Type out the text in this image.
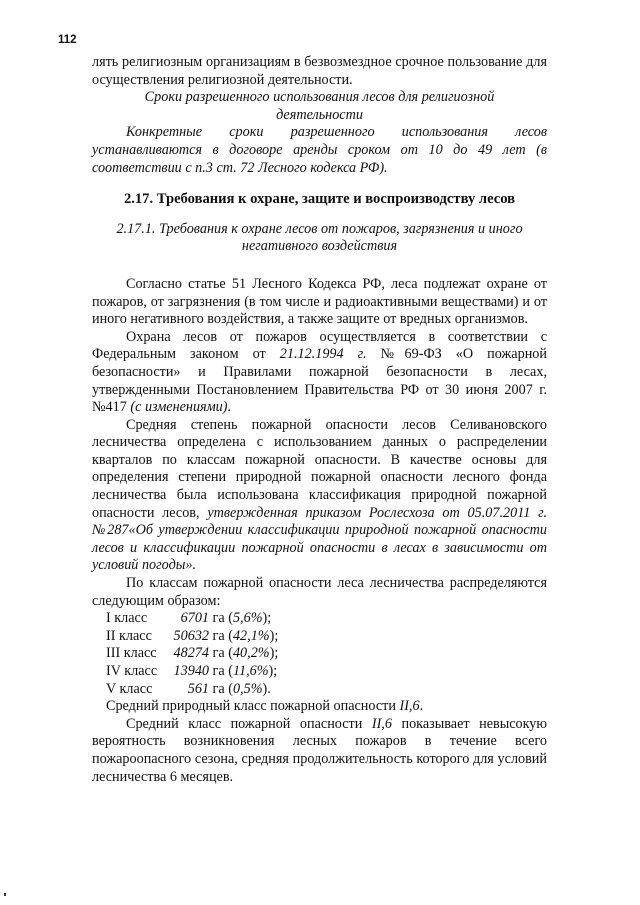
112

лять религиозным организациям в безвозмездное срочное пользование для осуществления религиозной деятельности.

Сроки разрешенного использования лесов для религиозной деятельности

Конкретные сроки разрешенного использования лесов устанавливаются в договоре аренды сроком от 10 до 49 лет (в соответствии с п.3 ст. 72 Лесного кодекса РФ).

2.17. Требования к охране, защите и воспроизводству лесов

2.17.1. Требования к охране лесов от пожаров, загрязнения и иного негативного воздействия

Согласно статье 51 Лесного Кодекса РФ, леса подлежат охране от пожаров, от загрязнения (в том числе и радиоактивными веществами) и от иного негативного воздействия, а также защите от вредных организмов.

Охрана лесов от пожаров осуществляется в соответствии с Федеральным законом от 21.12.1994 г. №69-ФЗ «О пожарной безопасности» и Правилами пожарной безопасности в лесах, утвержденными Постановлением Правительства РФ от 30 июня 2007 г. №417 (с изменениями).

Средняя степень пожарной опасности лесов Селивановского лесничества определена с использованием данных о распределении кварталов по классам пожарной опасности. В качестве основы для определения степени природной пожарной опасности лесного фонда лесничества была использована классификация природной пожарной опасности лесов, утвержденная приказом Рослесхоза от 05.07.2011 г. №287«Об утверждении классификации природной пожарной опасности лесов и классификации пожарной опасности в лесах в зависимости от условий погоды».

По классам пожарной опасности леса лесничества распределяются следующим образом:

I класс 6701 га (5,6%);
II класс 50632 га (42,1%);
III класс 48274 га (40,2%);
IV класс 13940 га (11,6%);
V класс 561 га (0,5%).
Средний природный класс пожарной опасности II,6.

Средний класс пожарной опасности II,6 показывает невысокую вероятность возникновения лесных пожаров в течение всего пожароопасного сезона, средняя продолжительность которого для условий лесничества 6 месяцев.
